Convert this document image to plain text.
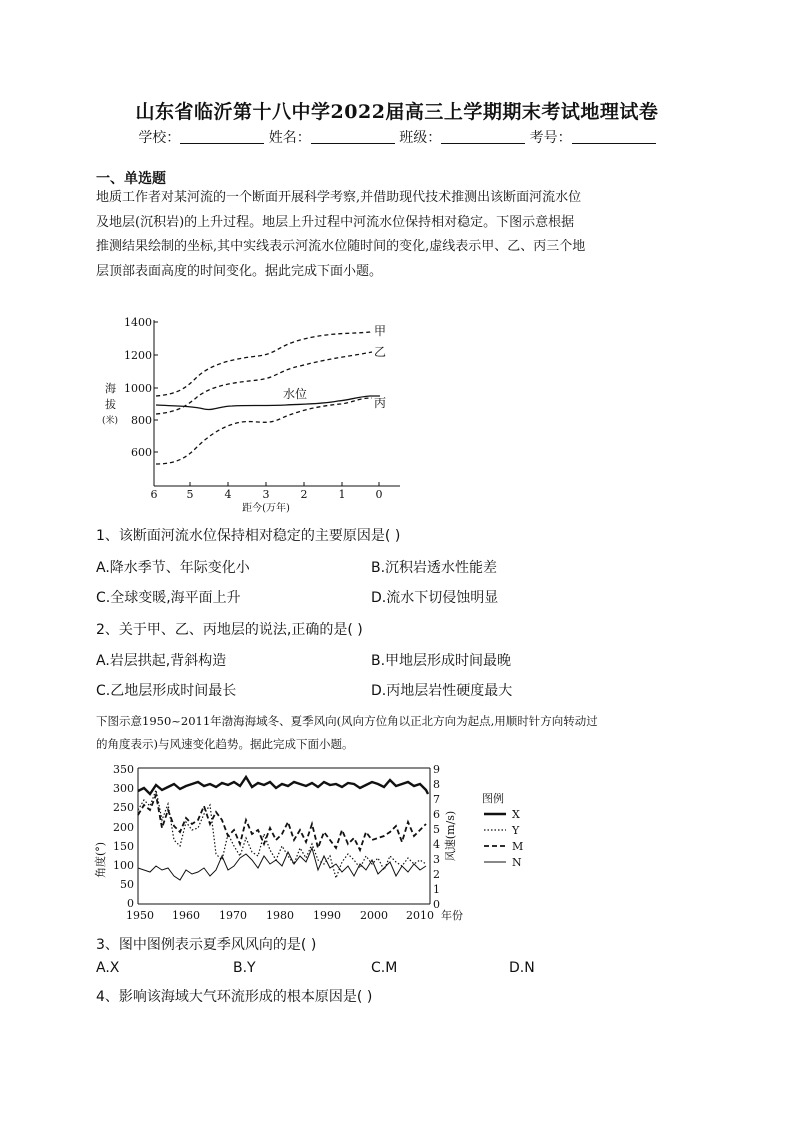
山东省临沂第十八中学2022届高三上学期期末考试地理试卷
学校：	姓名：	班级：	考号：
一、单选题
地质工作者对某河流的一个断面开展科学考察,并借助现代技术推测出该断面河流水位
及地层(沉积岩)的上升过程。地层上升过程中河流水位保持相对稳定。下图示意根据
推测结果绘制的坐标,其中实线表示河流水位随时间的变化,虚线表示甲、乙、丙三个地
层顶部表面高度的时间变化。据此完成下面小题。
1400
1200
1000
800
600
海
拔
(米)
6	5	4	3	2	1	0
距今(万年)
甲
乙
丙
水位
1、该断面河流水位保持相对稳定的主要原因是( )
A.降水季节、年际变化小	B.沉积岩透水性能差
C.全球变暖,海平面上升	D.流水下切侵蚀明显
2、关于甲、乙、丙地层的说法,正确的是( )
A.岩层拱起,背斜构造	B.甲地层形成时间最晚
C.乙地层形成时间最长	D.丙地层岩性硬度最大
下图示意1950~2011年渤海海域冬、夏季风向(风向方位角以正北方向为起点,用顺时针方向转动过
的角度表示)与风速变化趋势。据此完成下面小题。
350
300
250
200
150
100
50
0
角度(°)
9
8
7
6
5
4
3
2
1
0
风速(m/s)
1950 1960 1970 1980 1990 2000 2010 年份
图例
X
Y
M
N
3、图中图例表示夏季风风向的是( )
A.X	B.Y	C.M	D.N
4、影响该海域大气环流形成的根本原因是( )
